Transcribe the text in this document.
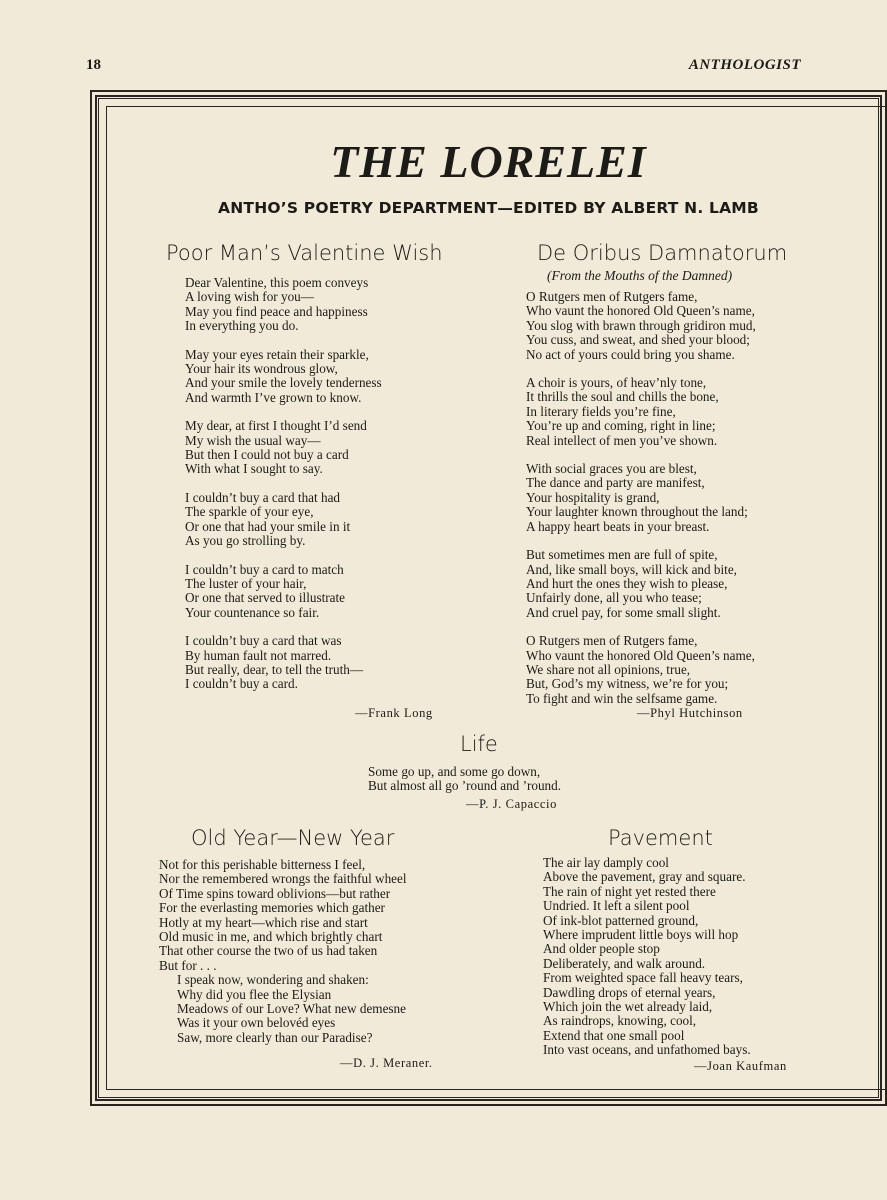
18	ANTHOLOGIST
THE LORELEI
ANTHO’S POETRY DEPARTMENT—EDITED BY ALBERT N. LAMB
Poor Man’s Valentine Wish
Dear Valentine, this poem conveys
A loving wish for you—
May you find peace and happiness
In everything you do.
May your eyes retain their sparkle,
Your hair its wondrous glow,
And your smile the lovely tenderness
And warmth I’ve grown to know.
My dear, at first I thought I’d send
My wish the usual way—
But then I could not buy a card
With what I sought to say.
I couldn’t buy a card that had
The sparkle of your eye,
Or one that had your smile in it
As you go strolling by.
I couldn’t buy a card to match
The luster of your hair,
Or one that served to illustrate
Your countenance so fair.
I couldn’t buy a card that was
By human fault not marred.
But really, dear, to tell the truth—
I couldn’t buy a card.
—Frank Long
De Oribus Damnatorum
(From the Mouths of the Damned)
O Rutgers men of Rutgers fame,
Who vaunt the honored Old Queen’s name,
You slog with brawn through gridiron mud,
You cuss, and sweat, and shed your blood;
No act of yours could bring you shame.
A choir is yours, of heav’nly tone,
It thrills the soul and chills the bone,
In literary fields you’re fine,
You’re up and coming, right in line;
Real intellect of men you’ve shown.
With social graces you are blest,
The dance and party are manifest,
Your hospitality is grand,
Your laughter known throughout the land;
A happy heart beats in your breast.
But sometimes men are full of spite,
And, like small boys, will kick and bite,
And hurt the ones they wish to please,
Unfairly done, all you who tease;
And cruel pay, for some small slight.
O Rutgers men of Rutgers fame,
Who vaunt the honored Old Queen’s name,
We share not all opinions, true,
But, God’s my witness, we’re for you;
To fight and win the selfsame game.
—Phyl Hutchinson
Life
Some go up, and some go down,
But almost all go ’round and ’round.
—P. J. Capaccio
Old Year—New Year
Not for this perishable bitterness I feel,
Nor the remembered wrongs the faithful wheel
Of Time spins toward oblivions—but rather
For the everlasting memories which gather
Hotly at my heart—which rise and start
Old music in me, and which brightly chart
That other course the two of us had taken
But for . . .
I speak now, wondering and shaken:
Why did you flee the Elysian
Meadows of our Love? What new demesne
Was it your own belovéd eyes
Saw, more clearly than our Paradise?
—D. J. Meraner.
Pavement
The air lay damply cool
Above the pavement, gray and square.
The rain of night yet rested there
Undried. It left a silent pool
Of ink-blot patterned ground,
Where imprudent little boys will hop
And older people stop
Deliberately, and walk around.
From weighted space fall heavy tears,
Dawdling drops of eternal years,
Which join the wet already laid,
As raindrops, knowing, cool,
Extend that one small pool
Into vast oceans, and unfathomed bays.
—Joan Kaufman
